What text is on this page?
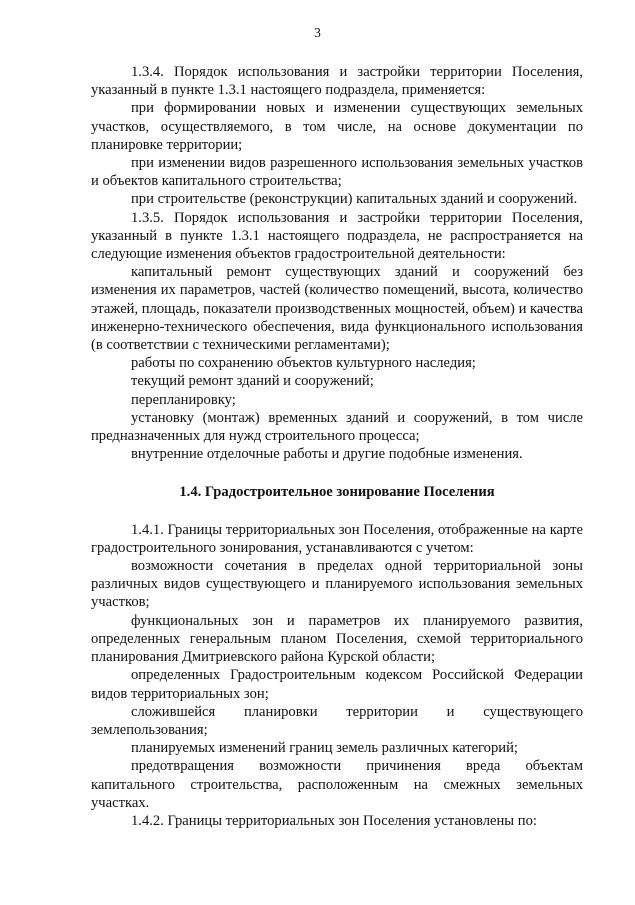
3

1.3.4. Порядок использования и застройки территории Поселения, указанный в пункте 1.3.1 настоящего подраздела, применяется:

при формировании новых и изменении существующих земельных участков, осуществляемого, в том числе, на основе документации по планировке территории;

при изменении видов разрешенного использования земельных участков и объектов капитального строительства;

при строительстве (реконструкции) капитальных зданий и сооружений.

1.3.5. Порядок использования и застройки территории Поселения, указанный в пункте 1.3.1 настоящего подраздела, не распространяется на следующие изменения объектов градостроительной деятельности:

капитальный ремонт существующих зданий и сооружений без изменения их параметров, частей (количество помещений, высота, количество этажей, площадь, показатели производственных мощностей, объем) и качества инженерно-технического обеспечения, вида функционального использования (в соответствии с техническими регламентами);

работы по сохранению объектов культурного наследия;

текущий ремонт зданий и сооружений;

перепланировку;

установку (монтаж) временных зданий и сооружений, в том числе предназначенных для нужд строительного процесса;

внутренние отделочные работы и другие подобные изменения.

1.4. Градостроительное зонирование Поселения

1.4.1. Границы территориальных зон Поселения, отображенные на карте градостроительного зонирования, устанавливаются с учетом:

возможности сочетания в пределах одной территориальной зоны различных видов существующего и планируемого использования земельных участков;

функциональных зон и параметров их планируемого развития, определенных генеральным планом Поселения, схемой территориального планирования Дмитриевского района Курской области;

определенных Градостроительным кодексом Российской Федерации видов территориальных зон;

сложившейся планировки территории и существующего землепользования;

планируемых изменений границ земель различных категорий;

предотвращения возможности причинения вреда объектам капитального строительства, расположенным на смежных земельных участках.

1.4.2. Границы территориальных зон Поселения установлены по:
